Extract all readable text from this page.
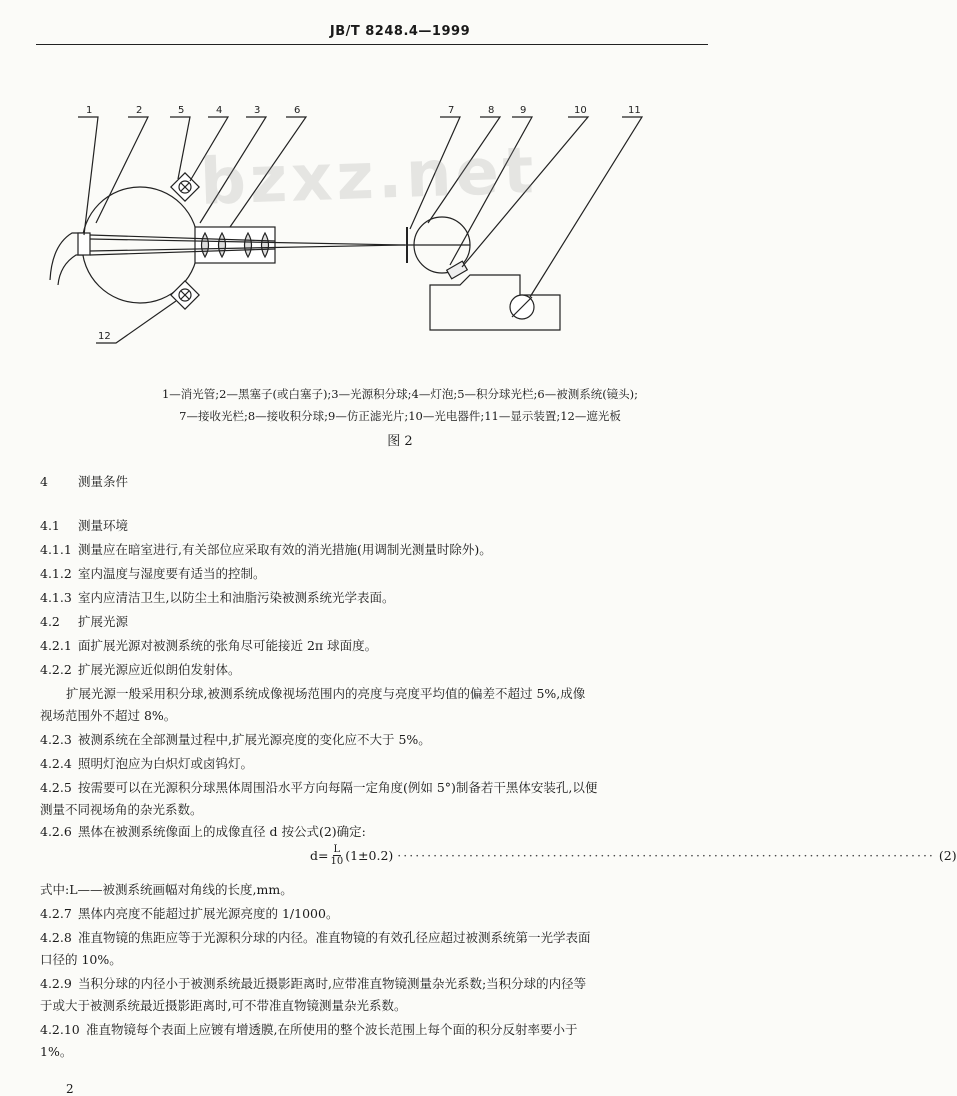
JB/T 8248.4—1999
1	2	5	4	3	6	7	8	9	10	11
12
bzxz.net
1—消光管;2—黑塞子(或白塞子);3—光源积分球;4—灯泡;5—积分球光栏;6—被测系统(镜头);
7—接收光栏;8—接收积分球;9—仿正滤光片;10—光电器件;11—显示装置;12—遮光板
图 2
4 测量条件
4.1 测量环境
4.1.1 测量应在暗室进行,有关部位应采取有效的消光措施(用调制光测量时除外)。
4.1.2 室内温度与湿度要有适当的控制。
4.1.3 室内应清洁卫生,以防尘土和油脂污染被测系统光学表面。
4.2 扩展光源
4.2.1 面扩展光源对被测系统的张角尽可能接近 2π 球面度。
4.2.2 扩展光源应近似朗伯发射体。
扩展光源一般采用积分球,被测系统成像视场范围内的亮度与亮度平均值的偏差不超过 5%,成像
视场范围外不超过 8%。
4.2.3 被测系统在全部测量过程中,扩展光源亮度的变化应不大于 5%。
4.2.4 照明灯泡应为白炽灯或卤钨灯。
4.2.5 按需要可以在光源积分球黑体周围沿水平方向每隔一定角度(例如 5°)制备若干黑体安装孔,以便
测量不同视场角的杂光系数。
4.2.6 黑体在被测系统像面上的成像直径 d 按公式(2)确定:
$d= \frac{L}{10} (1\pm 0.2)$ ·························································································· (2)
式中:L——被测系统画幅对角线的长度,mm。
4.2.7 黑体内亮度不能超过扩展光源亮度的 1/1000。
4.2.8 准直物镜的焦距应等于光源积分球的内径。准直物镜的有效孔径应超过被测系统第一光学表面
口径的 10%。
4.2.9 当积分球的内径小于被测系统最近摄影距离时,应带准直物镜测量杂光系数;当积分球的内径等
于或大于被测系统最近摄影距离时,可不带准直物镜测量杂光系数。
4.2.10 准直物镜每个表面上应镀有增透膜,在所使用的整个波长范围上每个面的积分反射率要小于
1%。
2
